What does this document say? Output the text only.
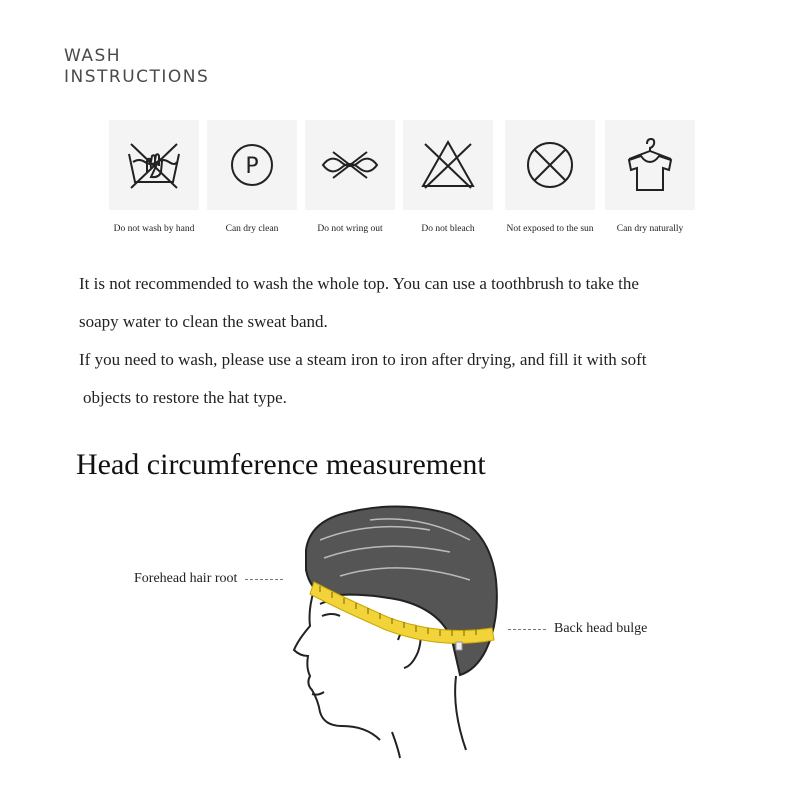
WASH
INSTRUCTIONS
Do not wash by hand
P
Can dry clean	Do not wring out	Do not bleach	Not exposed to the sun	Can dry naturally
It is not recommended to wash the whole top. You can use a toothbrush to take the
soapy water to clean the sweat band.
If you need to wash, please use a steam iron to iron after drying, and fill it with soft
objects to restore the hat type.
Head circumference measurement
Forehead hair root
Back head bulge
